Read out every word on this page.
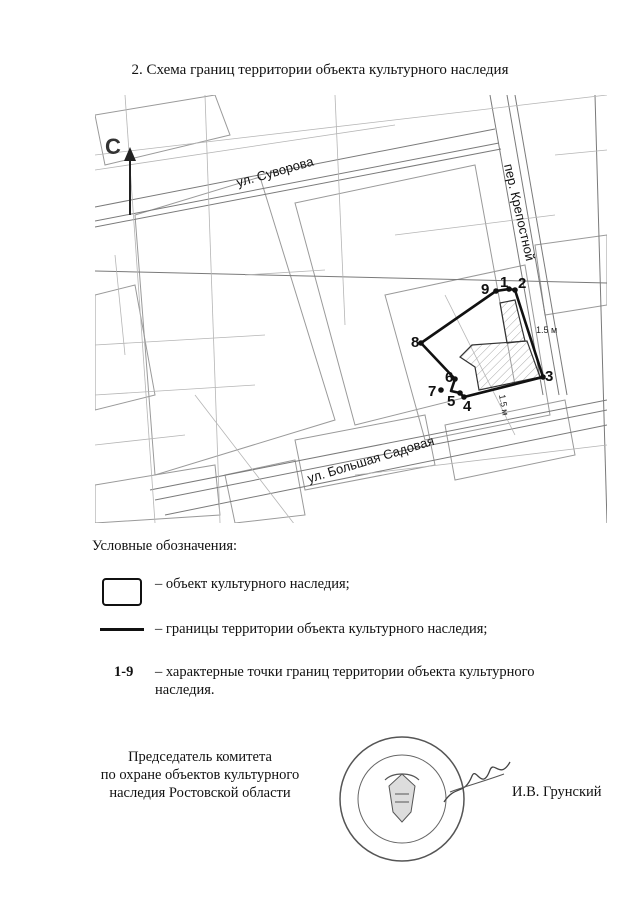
2. Схема границ территории объекта культурного наследия
1 2
3
4
5
6
7
8
9
ул. Суворова	пер. Крепостной
ул. Большая Садовая
1.5 м
1.5 м
С
Условные обозначения:
– объект культурного наследия;
– границы территории объекта культурного наследия;
1-9 – характерные точки границ территории объекта культурного
наследия.
Председатель комитета
по охране объектов культурного
наследия Ростовской области	И.В. Грунский
